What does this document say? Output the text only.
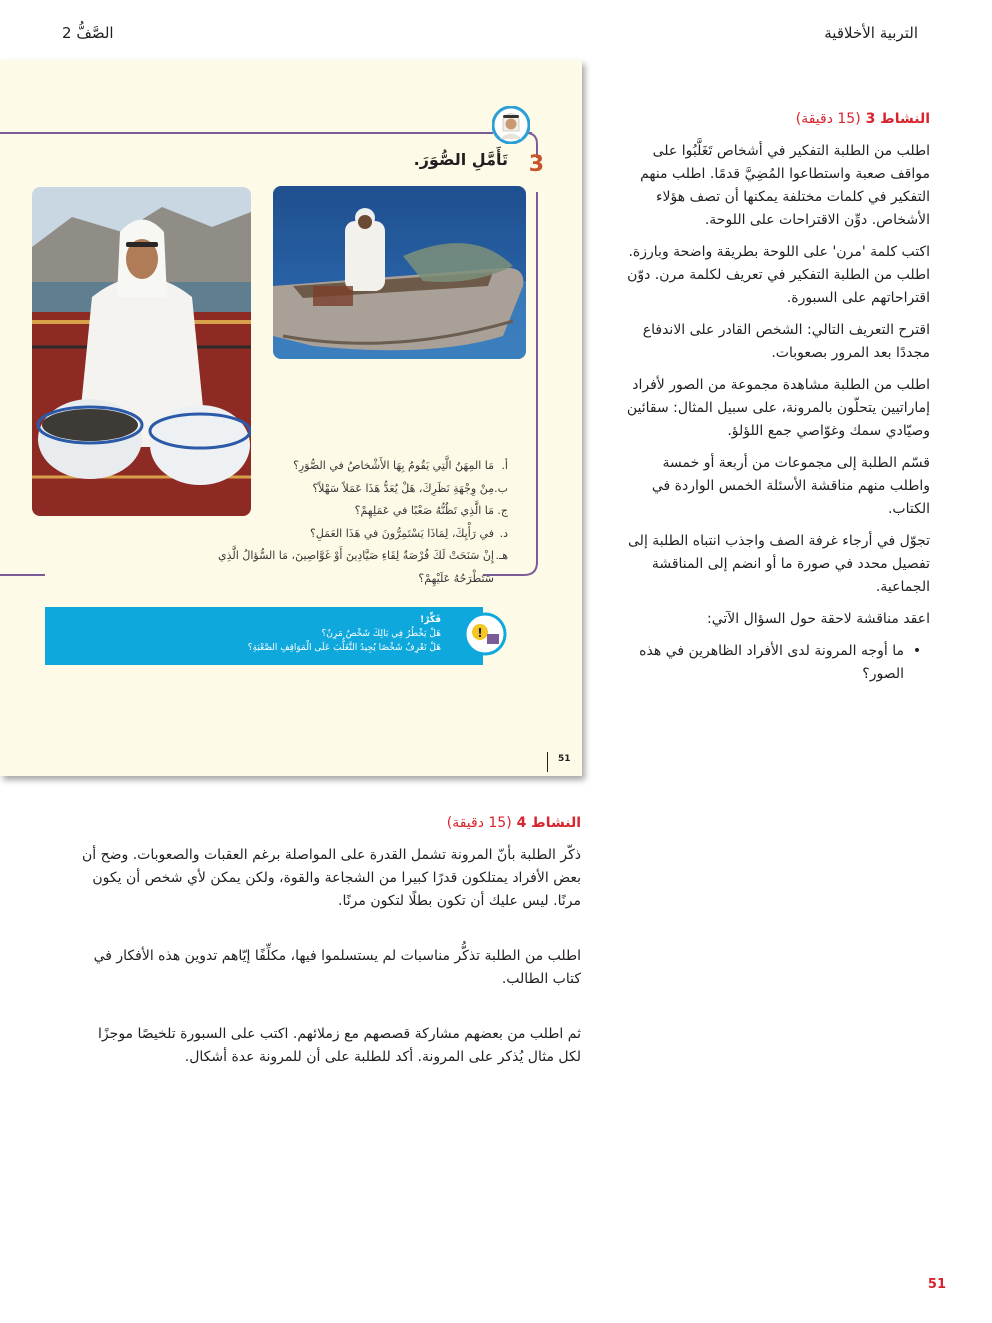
التربية الأخلاقية
الصَّفُّ 2
3
تَأَمَّلِ الصُّوَرَ.
أ.
مَا المِهَنُ الَّتِي يَقُومُ بِهَا الأَشْخاصُ في الصُّوَرِ؟
ب.
مِنْ وِجْهَةِ نَظَرِكَ، هَلْ يُعَدُّ هَذَا عَمَلاً سَهْلاً؟
ج.
مَا الَّذِي تَظُنُّهُ صَعْبًا في عَمَلِهِمْ؟
د.
في رَأْيِكَ، لِمَاذَا يَسْتَمِرُّونَ في هَذَا العَمَلِ؟
هـ.
إِنْ سَنَحَتْ لَكَ فُرْصَةٌ لِقَاءِ صَيَّادِينَ أَوْ غَوَّاصِينَ، مَا السُّؤالُ الَّذِي سَتَطْرَحُهُ عَلَيْهِمْ؟
فَكِّرْ!
هَلْ يَخْطُرُ فِي بَالِكَ شَخْصٌ مَرِنٌ؟
هَلْ تَعْرِفُ شَخْصًا يُجِيدُ التَّغَلُّبَ عَلَى الْمَوَاقِفِ الصَّعْبَةِ؟
!
51
النشاط 3 (15 دقيقة)

اطلب من الطلبة التفكير في أشخاص تَغَلَّبُوا على مواقف صعبة واستطاعوا المُضِيَّ قدمًا. اطلب منهم التفكير في كلمات مختلفة يمكنها أن تصف هؤلاء الأشخاص. دوِّن الاقتراحات على اللوحة.

اكتب كلمة 'مرن' على اللوحة بطريقة واضحة وبارزة. اطلب من الطلبة التفكير في تعريف لكلمة مرن. دوّن اقتراحاتهم على السبورة.

اقترح التعريف التالي: الشخص القادر على الاندفاع مجددًا بعد المرور بصعوبات.

اطلب من الطلبة مشاهدة مجموعة من الصور لأفراد إماراتيين يتحلّون بالمرونة، على سبيل المثال: سقائين وصيّادي سمك وغوّاصي جمع اللؤلؤ.

قسّم الطلبة إلى مجموعات من أربعة أو خمسة واطلب منهم مناقشة الأسئلة الخمس الواردة في الكتاب.

تجوّل في أرجاء غرفة الصف واجذب انتباه الطلبة إلى تفصيل محدد في صورة ما أو انضم إلى المناقشة الجماعية.

اعقد مناقشة لاحقة حول السؤال الآتي:

•
ما أوجه المرونة لدى الأفراد الظاهرين في هذه الصور؟
النشاط 4 (15 دقيقة)

ذكّر الطلبة بأنّ المرونة تشمل القدرة على المواصلة برغم العقبات والصعوبات. وضح أن بعض الأفراد يمتلكون قدرًا كبيرا من الشجاعة والقوة، ولكن يمكن لأي شخص أن يكون مرنًا. ليس عليك أن تكون بطلًا لتكون مرنًا.

اطلب من الطلبة تذكُّر مناسبات لم يستسلموا فيها، مكلِّفًا إيّاهم تدوين هذه الأفكار في كتاب الطالب.

ثم اطلب من بعضهم مشاركة قصصهم مع زملائهم. اكتب على السبورة تلخيصًا موجزًا لكل مثال يُذكر على المرونة. أكد للطلبة على أن للمرونة عدة أشكال.

51
